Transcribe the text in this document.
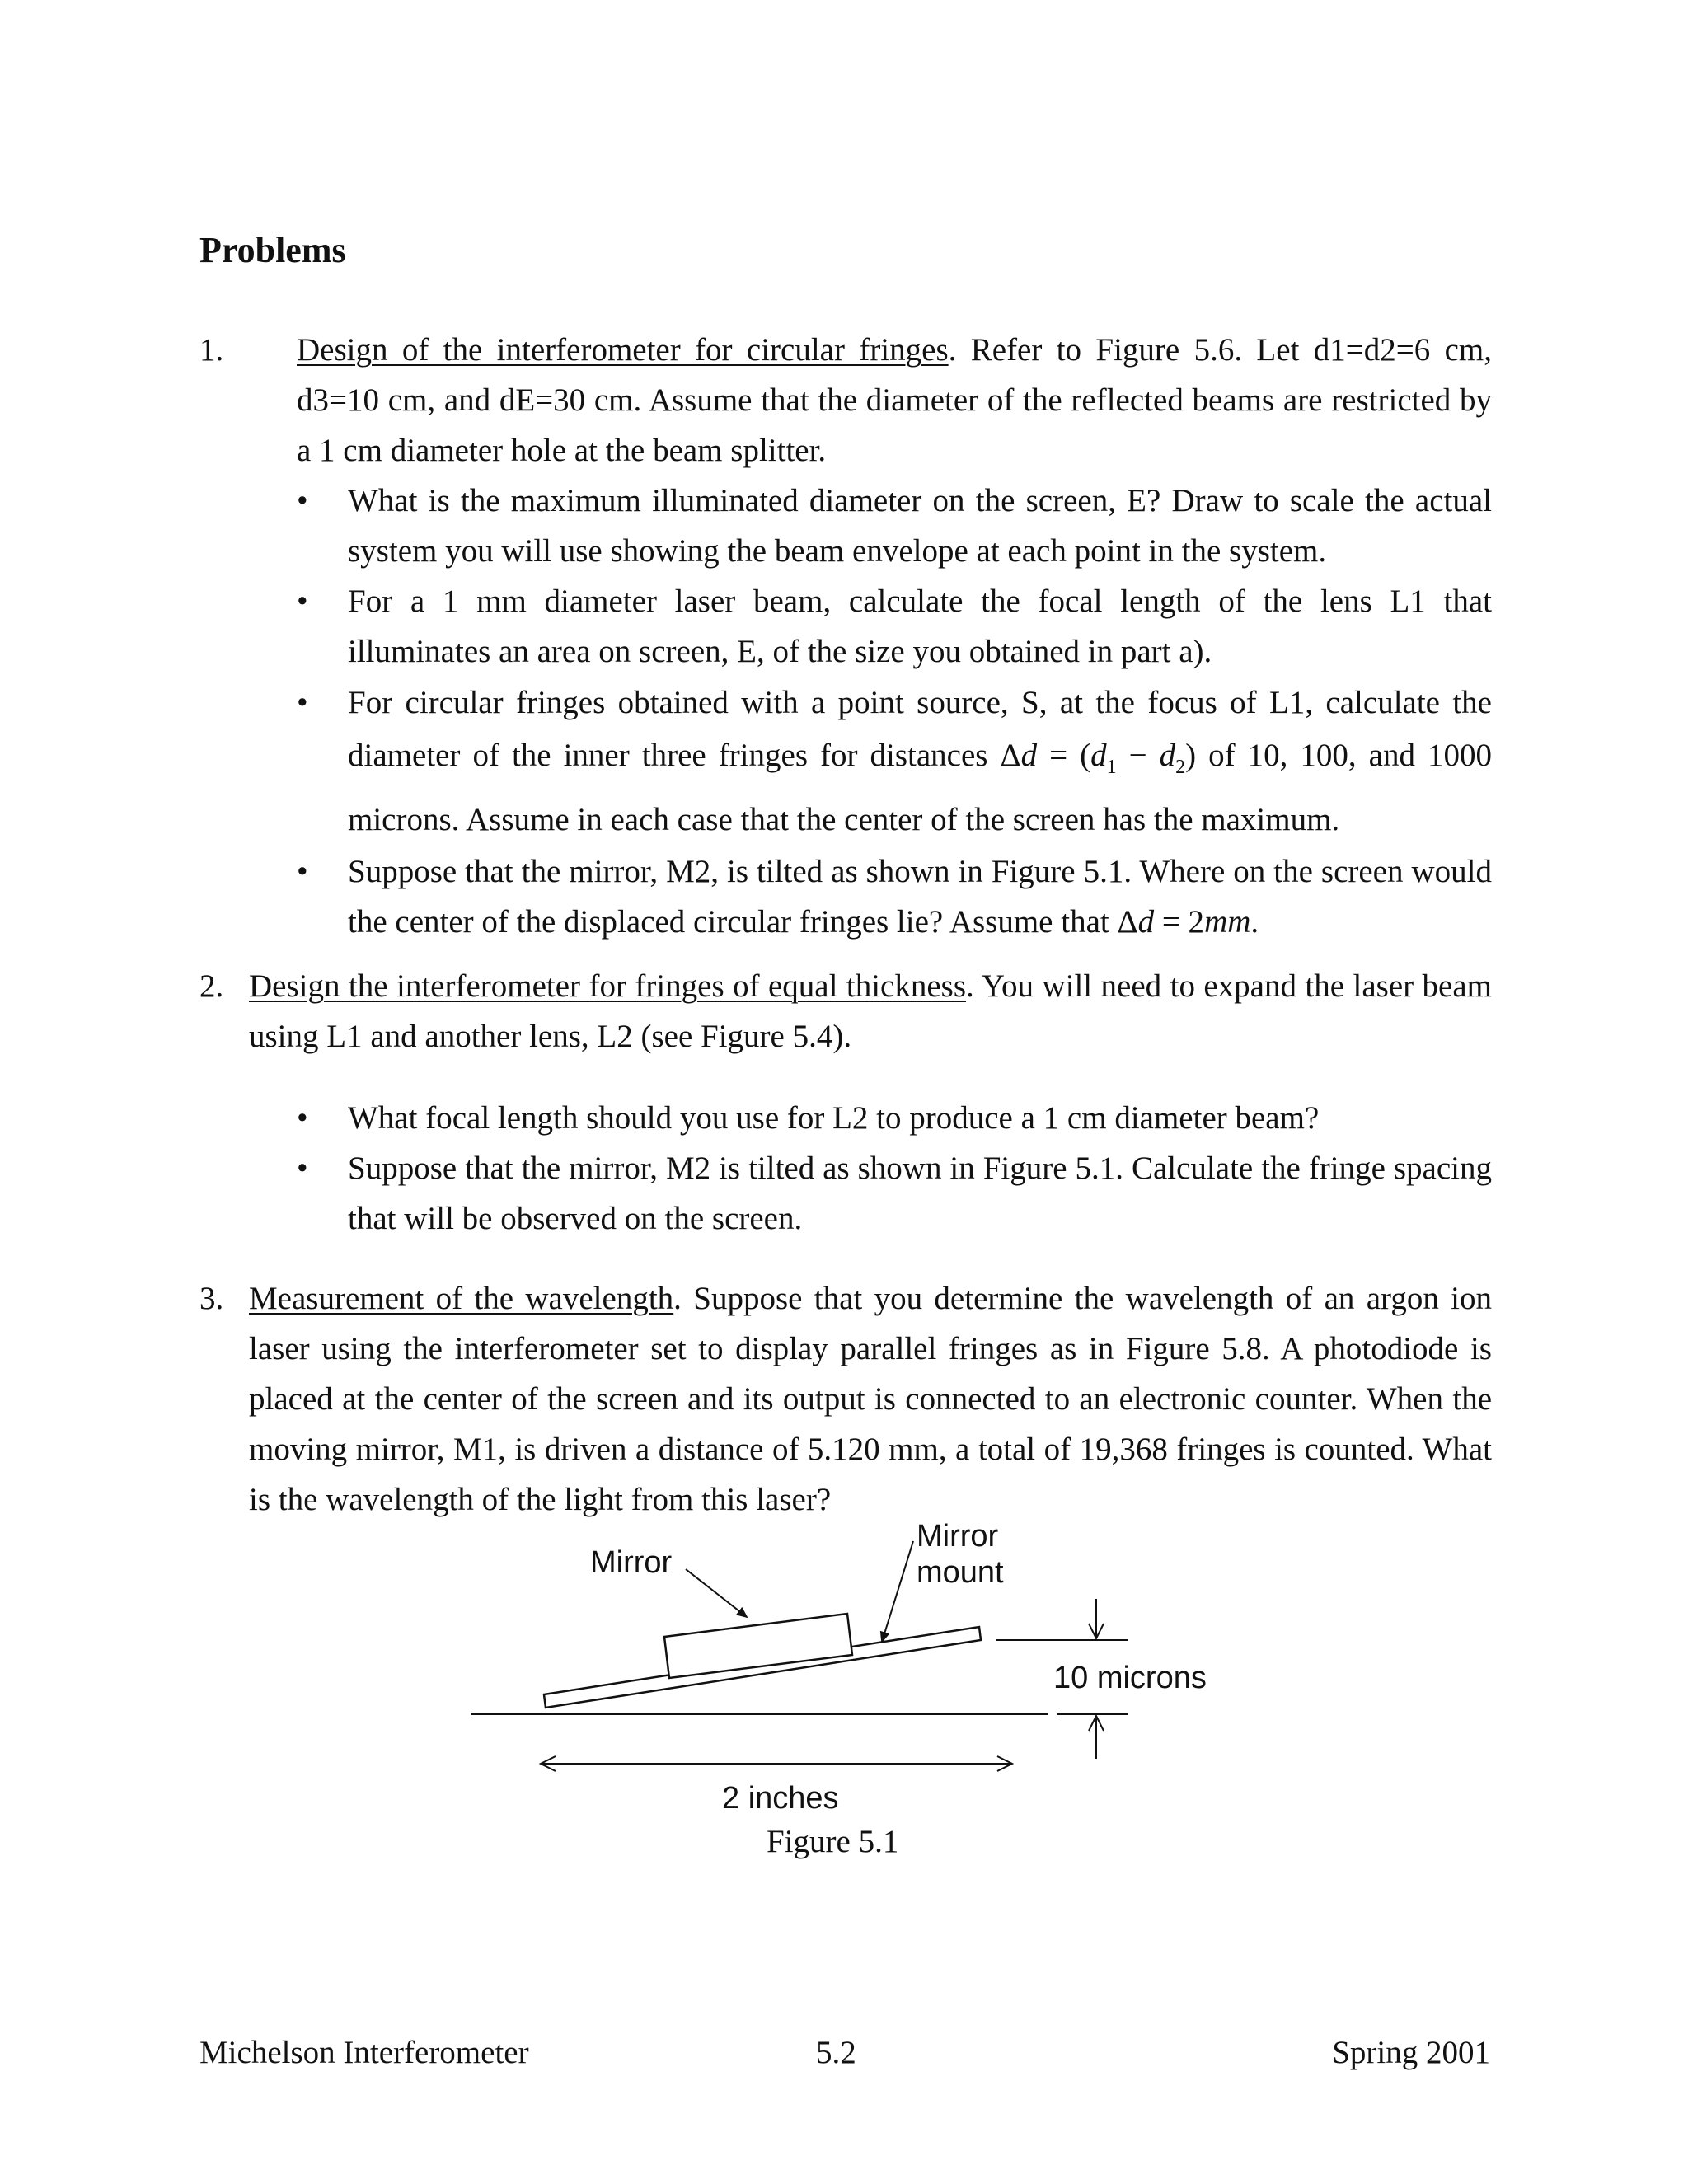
Problems
1. Design of the interferometer for circular fringes. Refer to Figure 5.6. Let d1=d2=6 cm, d3=10 cm, and dE=30 cm. Assume that the diameter of the reflected beams are restricted by a 1 cm diameter hole at the beam splitter.

• What is the maximum illuminated diameter on the screen, E? Draw to scale the actual system you will use showing the beam envelope at each point in the system.
• For a 1 mm diameter laser beam, calculate the focal length of the lens L1 that illuminates an area on screen, E, of the size you obtained in part a).
• For circular fringes obtained with a point source, S, at the focus of L1, calculate the diameter of the inner three fringes for distances $\Delta d = (d_1 - d_2)$ of 10, 100, and 1000 microns. Assume in each case that the center of the screen has the maximum.
• Suppose that the mirror, M2, is tilted as shown in Figure 5.1. Where on the screen would the center of the displaced circular fringes lie? Assume that Δd = 2mm.
2. Design the interferometer for fringes of equal thickness. You will need to expand the laser beam using L1 and another lens, L2 (see Figure 5.4).

• What focal length should you use for L2 to produce a 1 cm diameter beam?
• Suppose that the mirror, M2 is tilted as shown in Figure 5.1. Calculate the fringe spacing that will be observed on the screen.
3. Measurement of the wavelength. Suppose that you determine the wavelength of an argon ion laser using the interferometer set to display parallel fringes as in Figure 5.8. A photodiode is placed at the center of the screen and its output is connected to an electronic counter. When the moving mirror, M1, is driven a distance of 5.120 mm, a total of 19,368 fringes is counted. What is the wavelength of the light from this laser?

Mirror
Mirror
mount
10 microns
2 inches
Figure 5.1
Michelson Interferometer	5.2	Spring 2001
